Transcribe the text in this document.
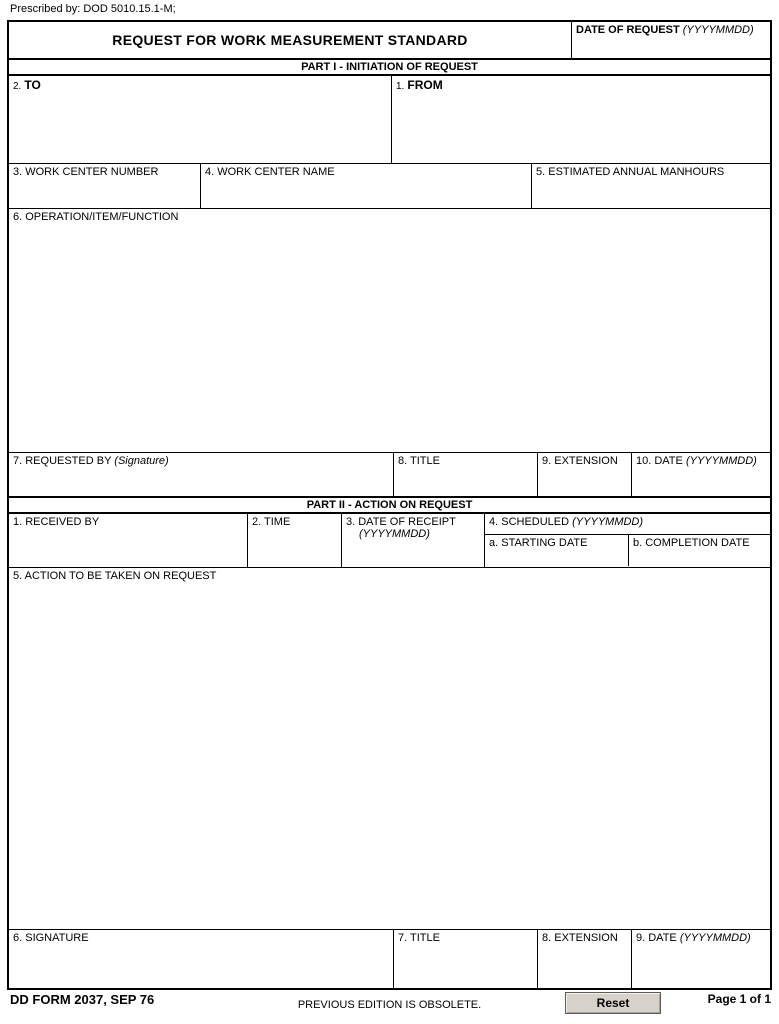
Prescribed by: DOD 5010.15.1-M;
REQUEST FOR WORK MEASUREMENT STANDARD
DATE OF REQUEST (YYYYMMDD)
PART I - INITIATION OF REQUEST
2. TO	1. FROM
3. WORK CENTER NUMBER	4. WORK CENTER NAME	5. ESTIMATED ANNUAL MANHOURS
6. OPERATION/ITEM/FUNCTION
7. REQUESTED BY (Signature)	8. TITLE	9. EXTENSION	10. DATE (YYYYMMDD)
PART II - ACTION ON REQUEST
1. RECEIVED BY	2. TIME	3. DATE OF RECEIPT
(YYYYMMDD)
4. SCHEDULED (YYYYMMDD)
a. STARTING DATE	b. COMPLETION DATE
5. ACTION TO BE TAKEN ON REQUEST
6. SIGNATURE	7. TITLE	8. EXTENSION	9. DATE (YYYYMMDD)
DD FORM 2037, SEP 76	PREVIOUS EDITION IS OBSOLETE.	Reset	Page 1 of 1
